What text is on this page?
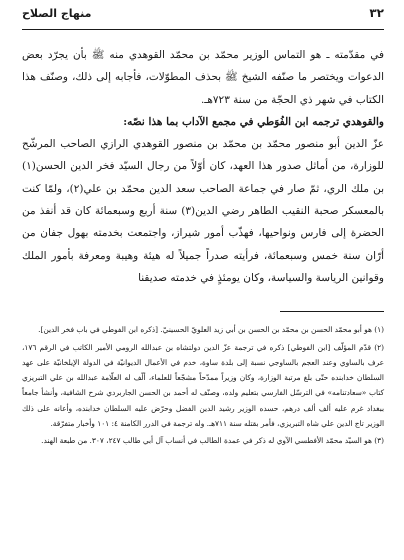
٣٢
منهاج الصلاح

في مقدّمته ـ هو التماس الوزير محمّد بن محمّد القوهدي منه ﷺ بأن يجرّد بعض الدعوات ويختصر ما صنّفه الشيخ ﷺ بحذف المطوّلات، فأجابه إلى ذلك، وصنّف هذا الكتاب في شهر ذي الحجّة من سنة ٧٢٣هـ.

والقوهدي ترجمه ابن الفُوَطي في مجمع الآداب بما هذا نصّه:

عزّ الدين أبو منصور محمّد بن محمّد بن منصور القوهدي الرازي الصاحب المرشّح للوزارة، من أماثل صدور هذا العهد، كان أوّلاً من رجال السيّد فخر الدين الحسن(١) بن ملك الري، ثمّ صار في جماعة الصاحب سعد الدين محمّد بن علي(٢)، ولمّا كنت بالمعسكر صحبة النقيب الطاهر رضي الدين(٣) سنة أربع وسبعمائة كان قد أنفذ من الحضرة إلى فارس ونواحيها، فهذّب أمور شيراز، واجتمعت بخدمته بهول جفان من أرّان سنة خمس وسبعمائة، فرأيته صدراً جميلاً له هيئة وهيبة ومعرفة بأمور الملك وقوانين الرياسة والسياسة، وكان يومئذٍ في خدمته صديقنا

(١) هو أبو محمّد الحسن بن محمّد بن الحسن بن أبي زيد العلويّ الحسينيّ. [ذكره ابن الفوطي في باب فخر الدين].

(٢) قدّم المؤلّف [ابن الفوطي] ذكره في ترجمة عزّ الدين دولتشاه بن عبدالله الرومي الأمير الكاتب في الرقم ١٧٦، عرف بالساوي وعند العجم بالساوجي نسبة إلى بلدة ساوة، خدم في الأعمال الديوانيّة في الدولة الإيلخانيّة على عهد السلطان خدابنده حتّى بلغ مرتبة الوزارة، وكان وزيراً ممدّحاً مشجّعاً للعلماء، ألّف له العلّامة عبدالله بن علي التبريزي كتاب «سعادتنامه» في الترسّل الفارسي بتعليم ولده، وصنّف له أحمد بن الحسن الجاربردي شرح الشافية، وأنشأ جامعاً ببغداد غرم عليه ألف ألف درهم، حسده الوزير رشيد الدين الفضل وحرّض عليه السلطان خدابنده، وأعانه على ذلك الوزير تاج الدين علي شاه التبريزي، فأمر بقتله سنة ٧١١هـ. وله ترجمة في الدرر الكامنة ٤: ١٠١ وأخبار متفرّقة.

(٣) هو السيّد محمّد الأفطسي الآوي له ذكر في عمدة الطالب في أنساب آل أبي طالب ٢٤٧، ٣٠٧. من طبعة الهند.
